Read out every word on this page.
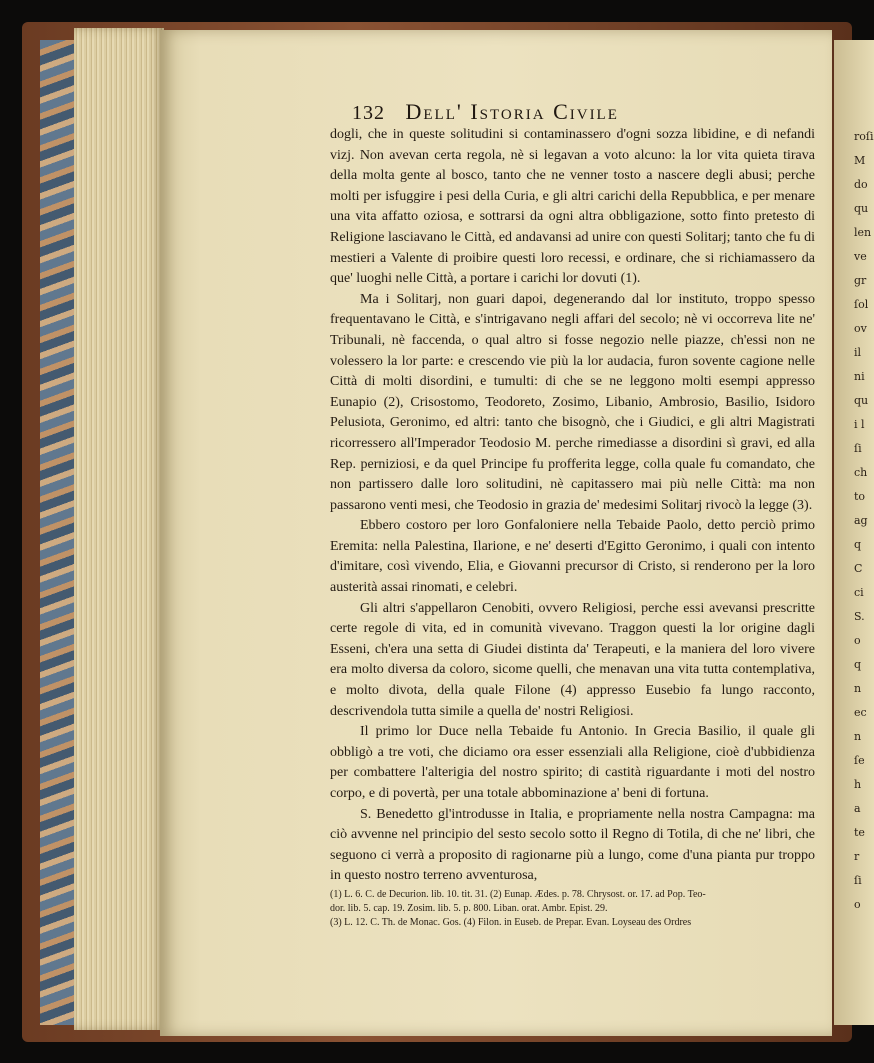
roſi
M
do
qu
len
ve
gr
ſol
ov
il
ni
qu
i l
ſi
ch
to
ag
q
C
ci
S.
o
q
n
ec
n
ſe
h
a
te
r
ſi
o
132 Dell' Istoria Civile

dogli, che in queste solitudini si contaminassero d'ogni sozza libidine, e di nefandi vizj. Non avevan certa regola, nè si legavan a voto alcuno: la lor vita quieta tirava della molta gente al bosco, tanto che ne venner tosto a nascere degli abusi; perche molti per isfuggire i pesi della Curia, e gli altri carichi della Repubblica, e per menare una vita affatto oziosa, e sottrarsi da ogni altra obbligazione, sotto finto pretesto di Religione lasciavano le Città, ed andavansi ad unire con questi Solitarj; tanto che fu di mestieri a Valente di proibire questi loro recessi, e ordinare, che si richiamassero da que' luoghi nelle Città, a portare i carichi lor dovuti (1).

Ma i Solitarj, non guari dapoi, degenerando dal lor instituto, troppo spesso frequentavano le Città, e s'intrigavano negli affari del secolo; nè vi occorreva lite ne' Tribunali, nè faccenda, o qual altro si fosse negozio nelle piazze, ch'essi non ne volessero la lor parte: e crescendo vie più la lor audacia, furon sovente cagione nelle Città di molti disordini, e tumulti: di che se ne leggono molti esempi appresso Eunapio (2), Crisostomo, Teodoreto, Zosimo, Libanio, Ambrosio, Basilio, Isidoro Pelusiota, Geronimo, ed altri: tanto che bisognò, che i Giudici, e gli altri Magistrati ricorressero all'Imperador Teodosio M. perche rimediasse a disordini sì gravi, ed alla Rep. perniziosi, e da quel Principe fu profferita legge, colla quale fu comandato, che non partissero dalle loro solitudini, nè capitassero mai più nelle Città: ma non passarono venti mesi, che Teodosio in grazia de' medesimi Solitarj rivocò la legge (3).

Ebbero costoro per loro Gonfaloniere nella Tebaide Paolo, detto perciò primo Eremita: nella Palestina, Ilarione, e ne' deserti d'Egitto Geronimo, i quali con intento d'imitare, così vivendo, Elia, e Giovanni precursor di Cristo, si renderono per la loro austerità assai rinomati, e celebri.

Gli altri s'appellaron Cenobiti, ovvero Religiosi, perche essi avevansi prescritte certe regole di vita, ed in comunità vivevano. Traggon questi la lor origine dagli Esseni, ch'era una setta di Giudei distinta da' Terapeuti, e la maniera del loro vivere era molto diversa da coloro, sicome quelli, che menavan una vita tutta contemplativa, e molto divota, della quale Filone (4) appresso Eusebio fa lungo racconto, descrivendola tutta simile a quella de' nostri Religiosi.

Il primo lor Duce nella Tebaide fu Antonio. In Grecia Basilio, il quale gli obbligò a tre voti, che diciamo ora esser essenziali alla Religione, cioè d'ubbidienza per combattere l'alterigia del nostro spirito; di castità riguardante i moti del nostro corpo, e di povertà, per una totale abbominazione a' beni di fortuna.

S. Benedetto gl'introdusse in Italia, e propriamente nella nostra Campagna: ma ciò avvenne nel principio del sesto secolo sotto il Regno di Totila, di che ne' libri, che seguono ci verrà a proposito di ragionarne più a lungo, come d'una pianta pur troppo in questo nostro terreno avventurosa,

(1) L. 6. C. de Decurion. lib. 10. tit. 31. (2) Eunap. Ædes. p. 78. Chrysost. or. 17. ad Pop. Teo-
dor. lib. 5. cap. 19. Zosim. lib. 5. p. 800. Liban. orat. Ambr. Epist. 29.
(3) L. 12. C. Th. de Monac. Gos. (4) Filon. in Euseb. de Prepar. Evan. Loyseau des Ordres
